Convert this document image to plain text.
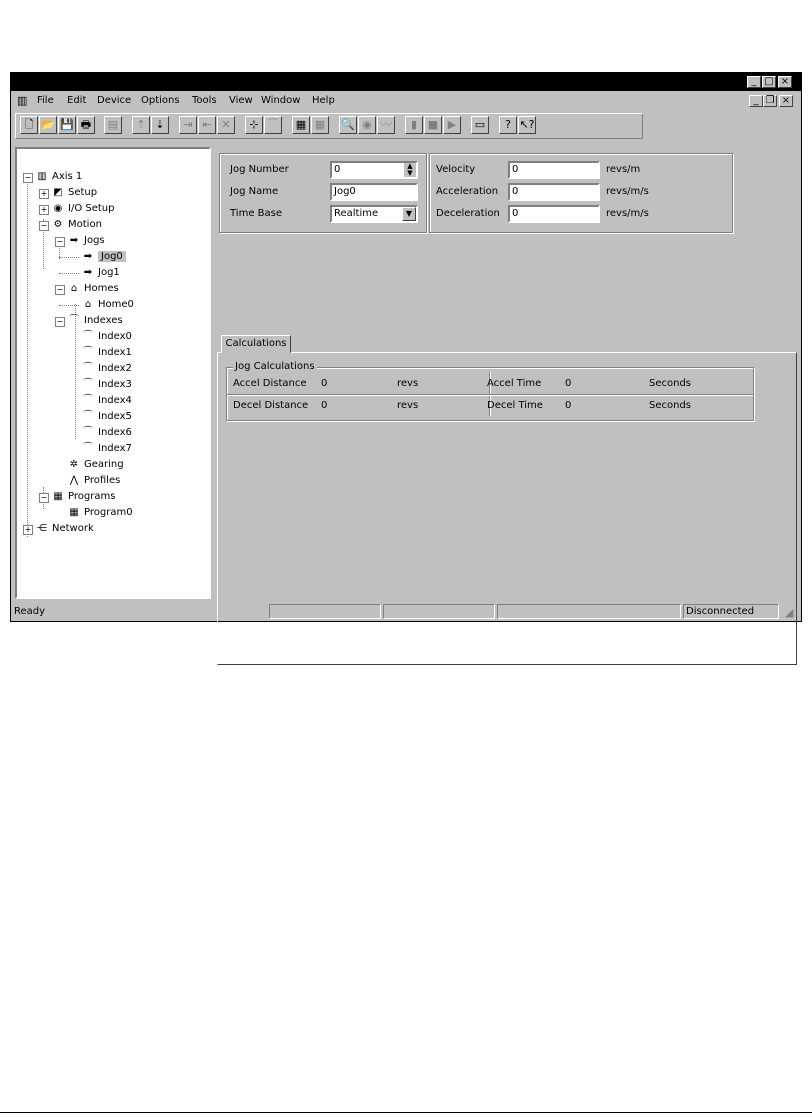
_ □ ×
▥ File Edit Device Options Tools View Window Help	_ ❐ ×
🗋 📂 💾 🖶	▤	⇡ ⇣	⇥ ⇤ ✕	⊹ ⌒	▦ ▦	🔍 ◉ 〰	▮ ■ ▶	▭	? ↖?
− ▥ Axis 1
+ ◩ Setup
+ ◉ I/O Setup
− ⚙ Motion
− ➡ Jogs
➡ Jog0
➡ Jog1
− ⌂ Homes
⌂ Home0
− ⌒ Indexes
⌒ Index0
⌒ Index1
⌒ Index2
⌒ Index3
⌒ Index4
⌒ Index5
⌒ Index6
⌒ Index7
✲ Gearing
⋀ Profiles
− ▦ Programs
▦ Program0
+ ⋲ Network
Jog Number	0	▲
▼
Jog Name	Jog0
Time Base	Realtime	▼
Velocity	0	revs/m
Acceleration	0	revs/m/s
Deceleration	0	revs/m/s
Calculations
Jog Calculations
Accel Distance 0	revs
Decel Distance 0	revs
Accel Time 0	Seconds
Decel Time 0	Seconds
Ready	Disconnected	◢
